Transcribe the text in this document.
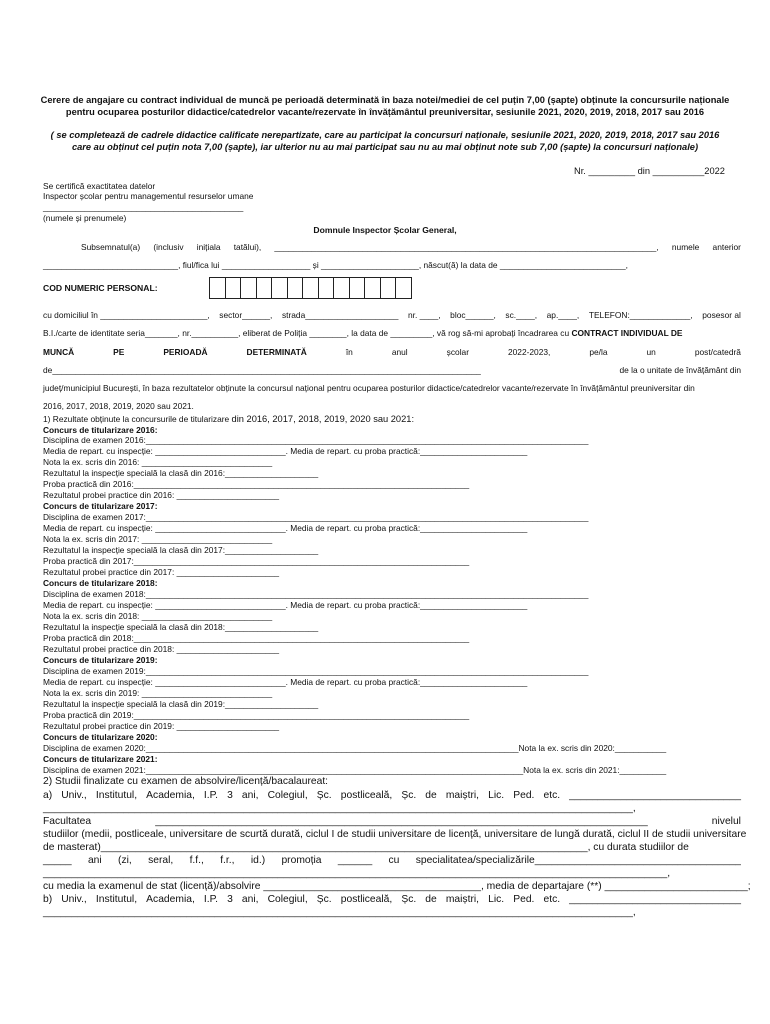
Cerere de angajare cu contract individual de muncă pe perioadă determinată în baza notei/mediei de cel puțin 7,00 (șapte) obținute la concursurile naționale pentru ocuparea posturilor didactice/catedrelor vacante/rezervate în învățământul preuniversitar, sesiunile 2021, 2020, 2019, 2018, 2017 sau 2016
( se completează de cadrele didactice calificate nerepartizate, care au participat la concursuri naționale, sesiunile 2021, 2020, 2019, 2018, 2017 sau 2016 care au obținut cel puțin nota 7,00 (șapte), iar ulterior nu au mai participat sau nu au mai obținut note sub 7,00 (șapte) la concursuri naționale)
Nr. _________ din __________2022
Se certifică exactitatea datelor
Inspector școlar pentru managementul resurselor umane
___________________________________________
(numele și prenumele)
Domnule Inspector Școlar General,
Subsemnatul(a) (inclusiv inițiala tatălui), __________________________________________________________________________________, numele anterior
_____________________________, fiul/fica lui ___________________ și _____________________, născut(ă) la data de ___________________________,
COD NUMERIC PERSONAL:
cu domiciliul în _______________________, sector______, strada____________________ nr. ____, bloc______, sc.____, ap.____, TELEFON:_____________, posesor al
B.I./carte de identitate seria_______, nr.__________, eliberat de Poliția ________, la data de _________, vă rog să-mi aprobați încadrarea cu CONTRACT INDIVIDUAL DE
MUNCĂ	PE	PERIOADĂ	DETERMINATĂ	în	anul	școlar	2022-2023,	pe/la	un	post/catedră
de____________________________________________________________________________________________	de la o unitate de învățământ din
județ/municipiul București, în baza rezultatelor obținute la concursul național pentru ocuparea posturilor didactice/catedrelor vacante/rezervate în învățământul preuniversitar din
2016, 2017, 2018, 2019, 2020 sau 2021.
1) Rezultate obținute la concursurile de titularizare din 2016, 2017, 2018, 2019, 2020 sau 2021:
Concurs de titularizare 2016:
Disciplina de examen 2016:_______________________________________________________________________________________________
Media de repart. cu inspecție: ____________________________. Media de repart. cu proba practică:_______________________
Nota la ex. scris din 2016: ____________________________
Rezultatul la inspecție specială la clasă din 2016:____________________
Proba practică din 2016:________________________________________________________________________
Rezultatul probei practice din 2016: ______________________
Concurs de titularizare 2017:
Disciplina de examen 2017:_______________________________________________________________________________________________
Media de repart. cu inspecție: ____________________________. Media de repart. cu proba practică:_______________________
Nota la ex. scris din 2017: ____________________________
Rezultatul la inspecție specială la clasă din 2017:____________________
Proba practică din 2017:________________________________________________________________________
Rezultatul probei practice din 2017: ______________________
Concurs de titularizare 2018:
Disciplina de examen 2018:_______________________________________________________________________________________________
Media de repart. cu inspecție: ____________________________. Media de repart. cu proba practică:_______________________
Nota la ex. scris din 2018: ____________________________
Rezultatul la inspecție specială la clasă din 2018:____________________
Proba practică din 2018:________________________________________________________________________
Rezultatul probei practice din 2018: ______________________
Concurs de titularizare 2019:
Disciplina de examen 2019:_______________________________________________________________________________________________
Media de repart. cu inspecție: ____________________________. Media de repart. cu proba practică:_______________________
Nota la ex. scris din 2019: ____________________________
Rezultatul la inspecție specială la clasă din 2019:____________________
Proba practică din 2019:________________________________________________________________________
Rezultatul probei practice din 2019: ______________________
Concurs de titularizare 2020:
Disciplina de examen 2020:________________________________________________________________________________Nota la ex. scris din 2020:___________
Concurs de titularizare 2021:
Disciplina de examen 2021:_________________________________________________________________________________Nota la ex. scris din 2021:__________
2) Studii finalizate cu examen de absolvire/licență/bacalaureat:
a) Univ., Institutul, Academia, I.P. 3 ani, Colegiul, Șc. postliceală, Șc. de maiștri, Lic. Ped. etc. ______________________________
_______________________________________________________________________________________________________,
Facultatea	______________________________________________________________________________________	nivelul
studiilor (medii, postliceale, universitare de scurtă durată, ciclul I de studii universitare de licență, universitare de lungă durată, ciclul II de studii universitare
de masterat)_____________________________________________________________________________________, cu durata studiilor de
_____ ani (zi, seral, f.f., f.r., id.) promoția ______ cu specialitatea/specializările____________________________________
_____________________________________________________________________________________________________________,
cu media la examenul de stat (licență)/absolvire ______________________________________, media de departajare (**) _________________________;
b) Univ., Institutul, Academia, I.P. 3 ani, Colegiul, Șc. postliceală, Șc. de maiștri, Lic. Ped. etc. ______________________________
_______________________________________________________________________________________________________,
